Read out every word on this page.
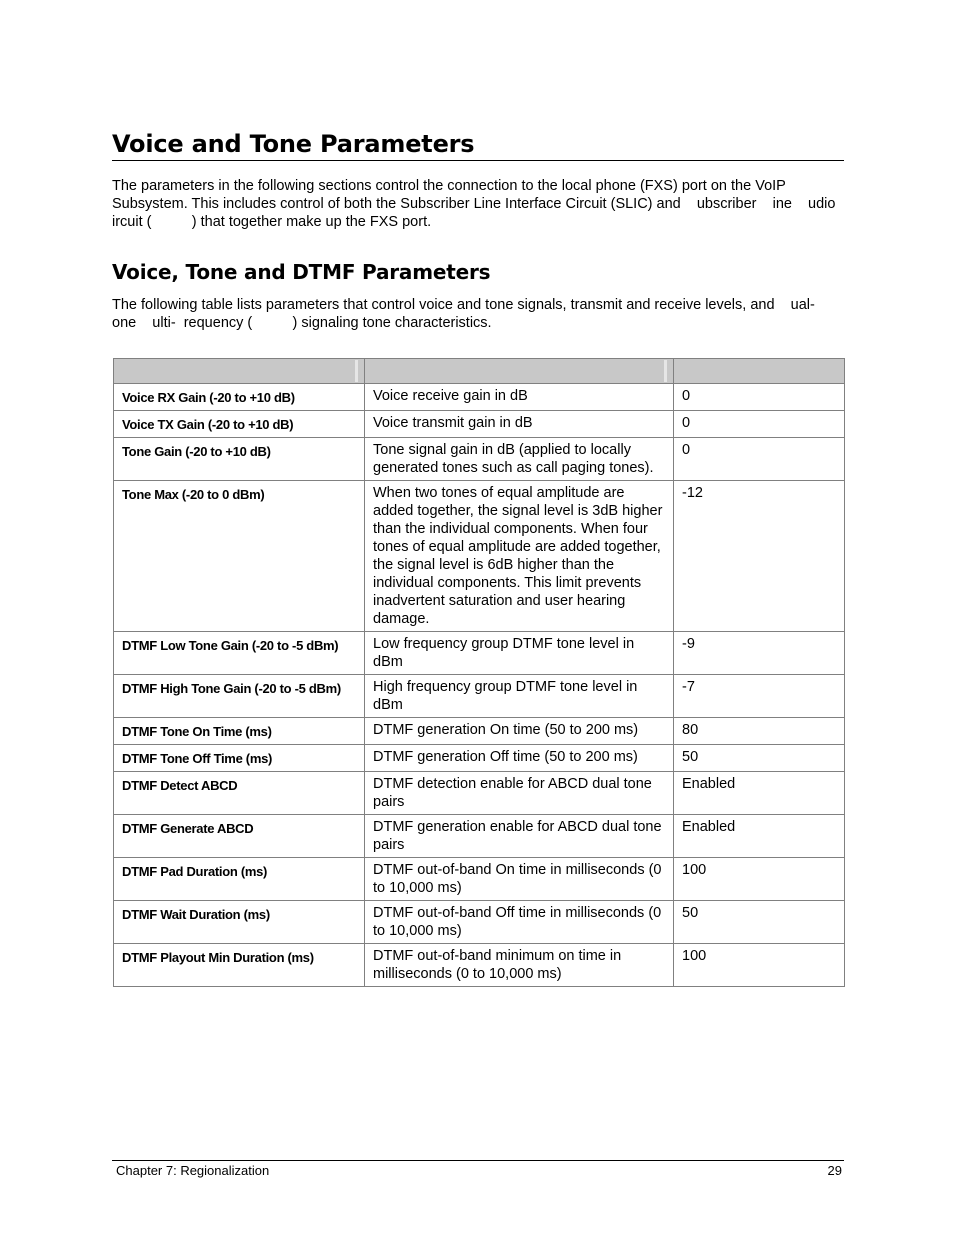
Voice and Tone Parameters

The parameters in the following sections control the connection to the local phone (FXS) port on the VoIP Subsystem. This includes control of both the Subscriber Line Interface Circuit (SLIC) and    ubscriber    ine    udio    ircuit (          ) that together make up the FXS port.

Voice, Tone and DTMF Parameters

The following table lists parameters that control voice and tone signals, transmit and receive levels, and    ual-  one    ulti-  requency (          ) signaling tone characteristics.

Voice RX Gain (-20 to +10 dB)	Voice receive gain in dB	0
Voice TX Gain (-20 to +10 dB)	Voice transmit gain in dB	0
Tone Gain (-20 to +10 dB)	Tone signal gain in dB (applied to locally generated tones such as call paging tones).	0
Tone Max (-20 to 0 dBm)	When two tones of equal amplitude are added together, the signal level is 3dB higher than the individual components. When four tones of equal amplitude are added together, the signal level is 6dB higher than the individual components. This limit prevents inadvertent saturation and user hearing damage.	-12
DTMF Low Tone Gain (-20 to -5 dBm)	Low frequency group DTMF tone level in dBm	-9
DTMF High Tone Gain (-20 to -5 dBm)	High frequency group DTMF tone level in dBm	-7
DTMF Tone On Time (ms)	DTMF generation On time (50 to 200 ms)	80
DTMF Tone Off Time (ms)	DTMF generation Off time (50 to 200 ms)	50
DTMF Detect ABCD	DTMF detection enable for ABCD dual tone pairs	Enabled
DTMF Generate ABCD	DTMF generation enable for ABCD dual tone pairs	Enabled
DTMF Pad Duration (ms)	DTMF out-of-band On time in milliseconds (0 to 10,000 ms)	100
DTMF Wait Duration (ms)	DTMF out-of-band Off time in milliseconds (0 to 10,000 ms)	50
DTMF Playout Min Duration (ms)	DTMF out-of-band minimum on time in milliseconds (0 to 10,000 ms)	100
Chapter 7: Regionalization	29
